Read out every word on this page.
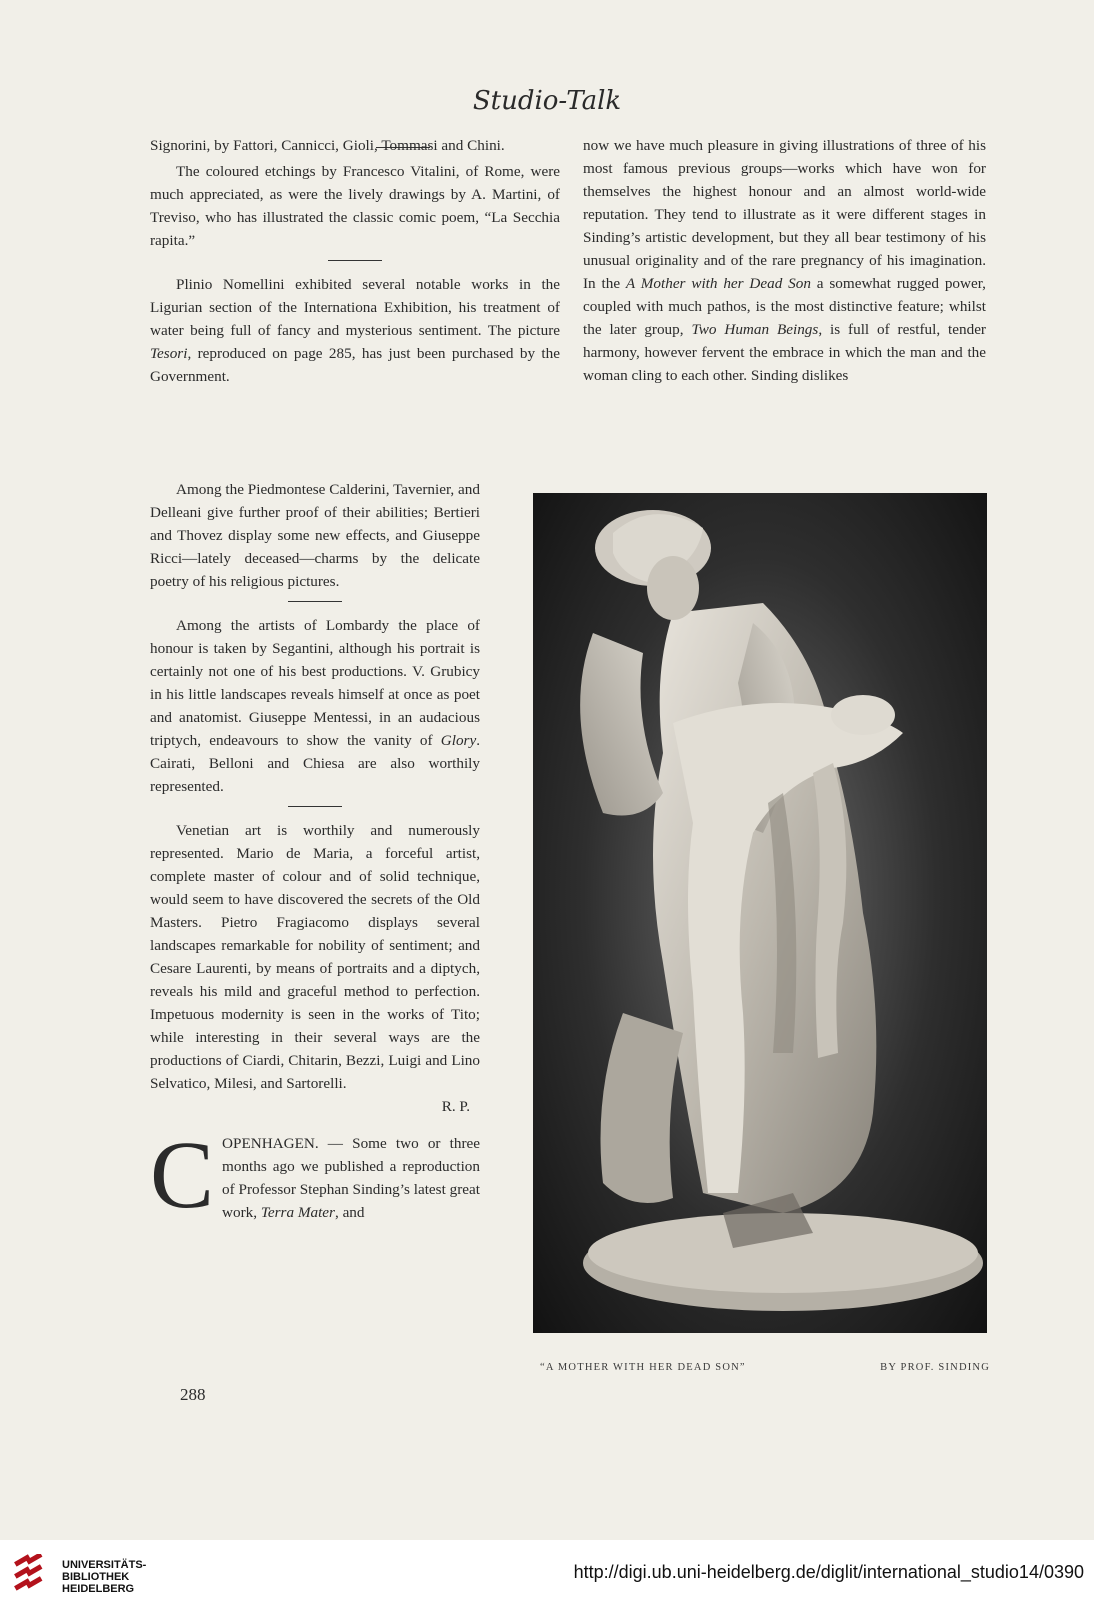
Studio-Talk

Signorini, by Fattori, Cannicci, Gioli, Tommasi and Chini.

The coloured etchings by Francesco Vitalini, of Rome, were much appreciated, as were the lively drawings by A. Martini, of Treviso, who has illustrated the classic comic poem, “La Secchia rapita.”

Plinio Nomellini exhibited several notable works in the Ligurian section of the Internationa Exhibition, his treatment of water being full of fancy and mysterious sentiment. The picture Tesori, reproduced on page 285, has just been purchased by the Government.

Among the Piedmontese Calderini, Tavernier, and Delleani give further proof of their abilities; Bertieri and Thovez display some new effects, and Giuseppe Ricci—lately deceased—charms by the delicate poetry of his religious pictures.

Among the artists of Lombardy the place of honour is taken by Segantini, although his portrait is certainly not one of his best productions. V. Grubicy in his little landscapes reveals himself at once as poet and anatomist. Giuseppe Mentessi, in an audacious triptych, endeavours to show the vanity of Glory. Cairati, Belloni and Chiesa are also worthily represented.

Venetian art is worthily and numerously represented. Mario de Maria, a forceful artist, complete master of colour and of solid technique, would seem to have discovered the secrets of the Old Masters. Pietro Fragiacomo displays several landscapes remarkable for nobility of sentiment; and Cesare Laurenti, by means of portraits and a diptych, reveals his mild and graceful method to perfection. Impetuous modernity is seen in the works of Tito; while interesting in their several ways are the productions of Ciardi, Chitarin, Bezzi, Luigi and Lino Selvatico, Milesi, and Sartorelli.

R. P.
COPENHAGEN. — Some two or three months ago we published a reproduction of Professor Stephan Sinding’s latest great work, Terra Mater, and

now we have much pleasure in giving illustrations of three of his most famous previous groups—works which have won for themselves the highest honour and an almost world-wide reputation. They tend to illustrate as it were different stages in Sinding’s artistic development, but they all bear testimony of his unusual originality and of the rare pregnancy of his imagination. In the A Mother with her Dead Son a somewhat rugged power, coupled with much pathos, is the most distinctive feature; whilst the later group, Two Human Beings, is full of restful, tender harmony, however fervent the embrace in which the man and the woman cling to each other. Sinding dislikes

“A MOTHER WITH HER DEAD SON”	BY PROF. SINDING
288
UNIVERSITÄTS-
BIBLIOTHEK
HEIDELBERG
http://digi.ub.uni-heidelberg.de/diglit/international_studio14/0390
